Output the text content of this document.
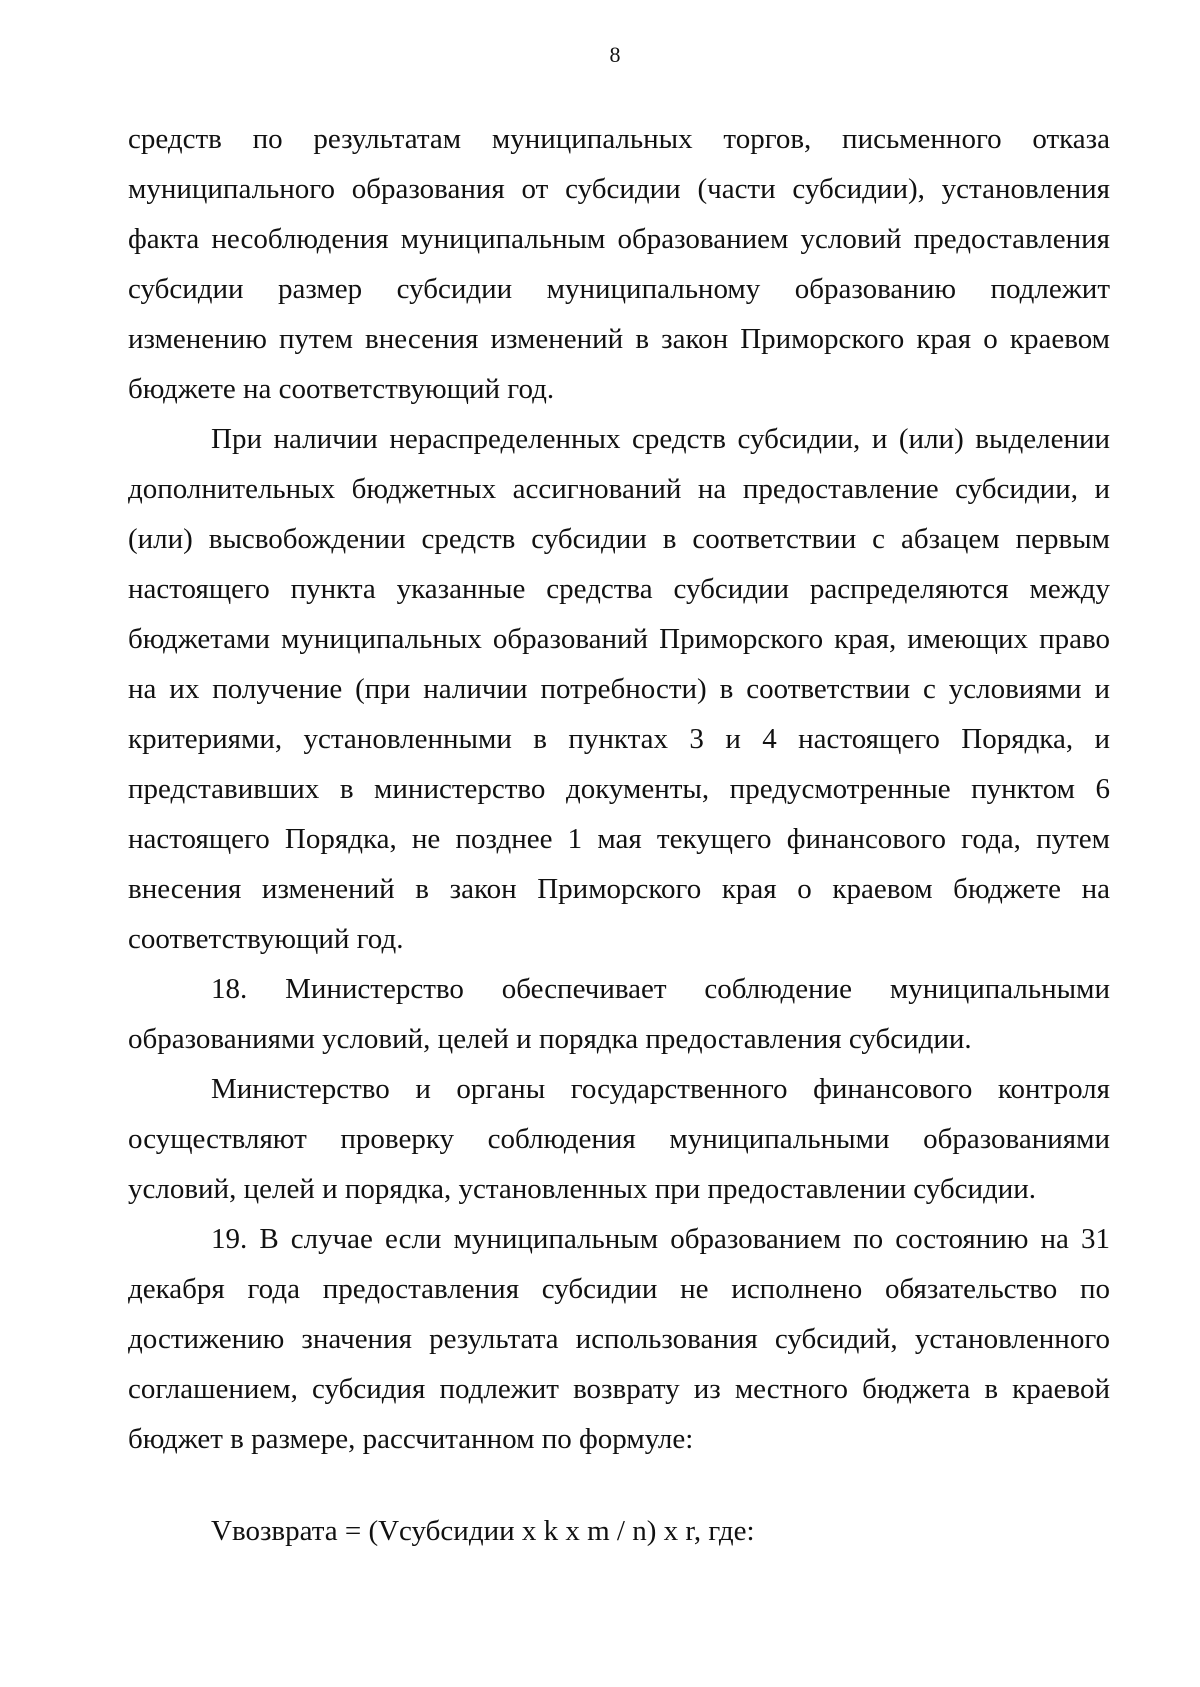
8

средств по результатам муниципальных торгов, письменного отказа муниципального образования от субсидии (части субсидии), установления факта несоблюдения муниципальным образованием условий предоставления субсидии размер субсидии муниципальному образованию подлежит изменению путем внесения изменений в закон Приморского края о краевом бюджете на соответствующий год.

При наличии нераспределенных средств субсидии, и (или) выделении дополнительных бюджетных ассигнований на предоставление субсидии, и (или) высвобождении средств субсидии в соответствии с абзацем первым настоящего пункта указанные средства субсидии распределяются между бюджетами муниципальных образований Приморского края, имеющих право на их получение (при наличии потребности) в соответствии с условиями и критериями, установленными в пунктах 3 и 4 настоящего Порядка, и представивших в министерство документы, предусмотренные пунктом 6 настоящего Порядка, не позднее 1 мая текущего финансового года, путем внесения изменений в закон Приморского края о краевом бюджете на соответствующий год.

18. Министерство обеспечивает соблюдение муниципальными образованиями условий, целей и порядка предоставления субсидии.

Министерство и органы государственного финансового контроля осуществляют проверку соблюдения муниципальными образованиями условий, целей и порядка, установленных при предоставлении субсидии.

19. В случае если муниципальным образованием по состоянию на 31 декабря года предоставления субсидии не исполнено обязательство по достижению значения результата использования субсидий, установленного соглашением, субсидия подлежит возврату из местного бюджета в краевой бюджет в размере, рассчитанном по формуле:

Vвозврата = (Vсубсидии x k x m / n) x r, где:
